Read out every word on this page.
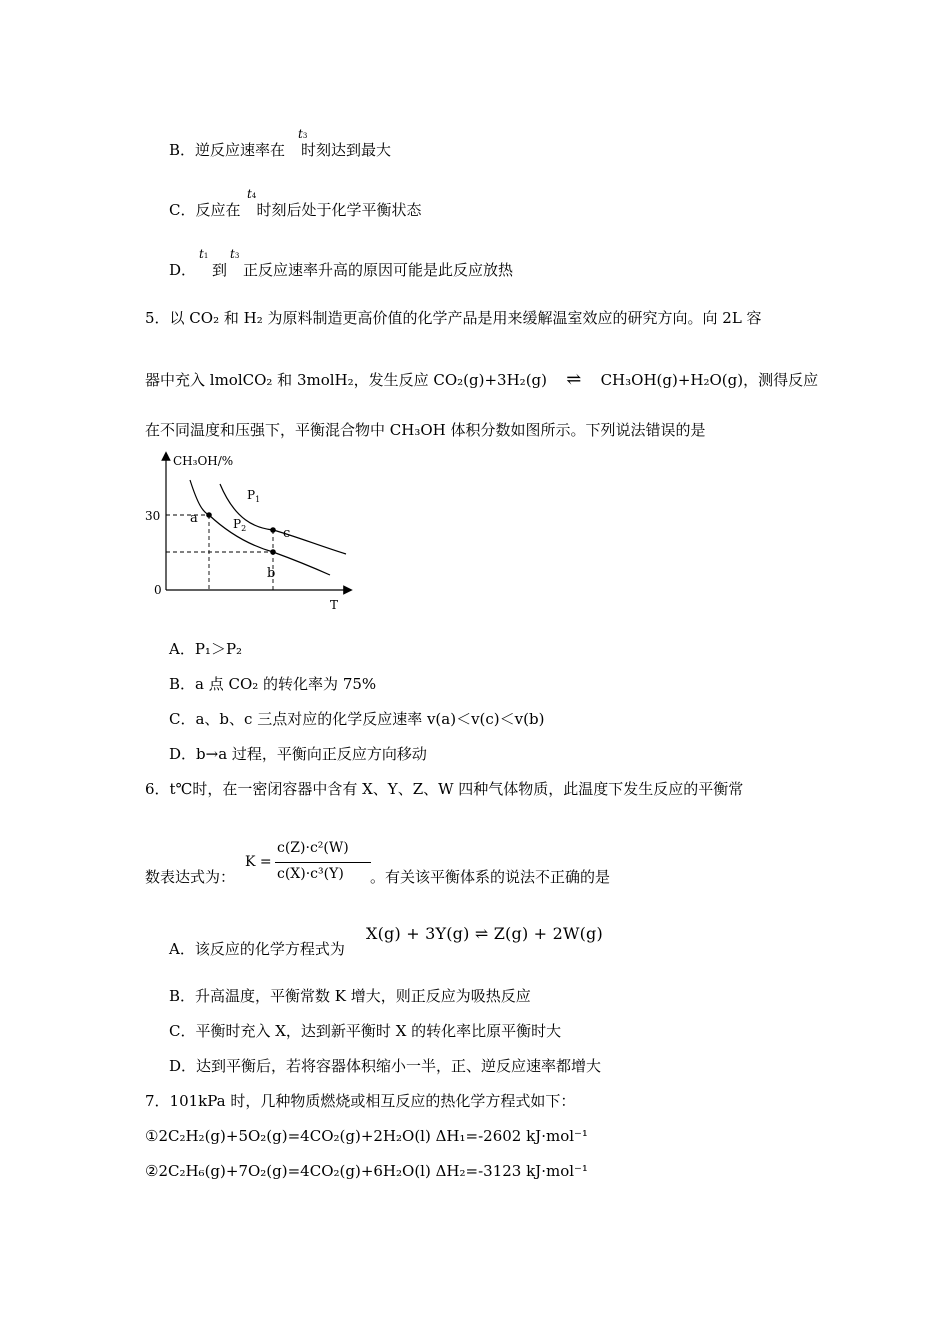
B．逆反应速率在 时刻达到最大
t3
C．反应在 时刻后处于化学平衡状态
t4
D． 到 正反应速率升高的原因可能是此反应放热
t1 t3
5．以 CO₂ 和 H₂ 为原料制造更高价值的化学产品是用来缓解温室效应的研究方向。向 2L 容
器中充入 lmolCO₂ 和 3molH₂，发生反应 CO₂(g)+3H₂(g) ⇌ CH₃OH(g)+H₂O(g)，测得反应
在不同温度和压强下，平衡混合物中 CH₃OH 体积分数如图所示。下列说法错误的是
CH₃OH/%
T
30
0
$P_1$
$P_2$
a
c
b
A．P₁＞P₂
B．a 点 CO₂ 的转化率为 75%
C．a、b、c 三点对应的化学反应速率 v(a)＜v(c)＜v(b)
D．b→a 过程，平衡向正反应方向移动
6．t℃时，在一密闭容器中含有 X、Y、Z、W 四种气体物质，此温度下发生反应的平衡常
数表达式为：
K =
c(Z)·c²(W)
c(X)·c³(Y) 。有关该平衡体系的说法不正确的是
A．该反应的化学方程式为
X(g) + 3Y(g) ⇌ Z(g) + 2W(g)
B．升高温度，平衡常数 K 增大，则正反应为吸热反应
C．平衡时充入 X，达到新平衡时 X 的转化率比原平衡时大
D．达到平衡后，若将容器体积缩小一半，正、逆反应速率都增大
7．101kPa 时，几种物质燃烧或相互反应的热化学方程式如下：
①2C₂H₂(g)+5O₂(g)=4CO₂(g)+2H₂O(l) ΔH₁=-2602 kJ·mol⁻¹
②2C₂H₆(g)+7O₂(g)=4CO₂(g)+6H₂O(l) ΔH₂=-3123 kJ·mol⁻¹
